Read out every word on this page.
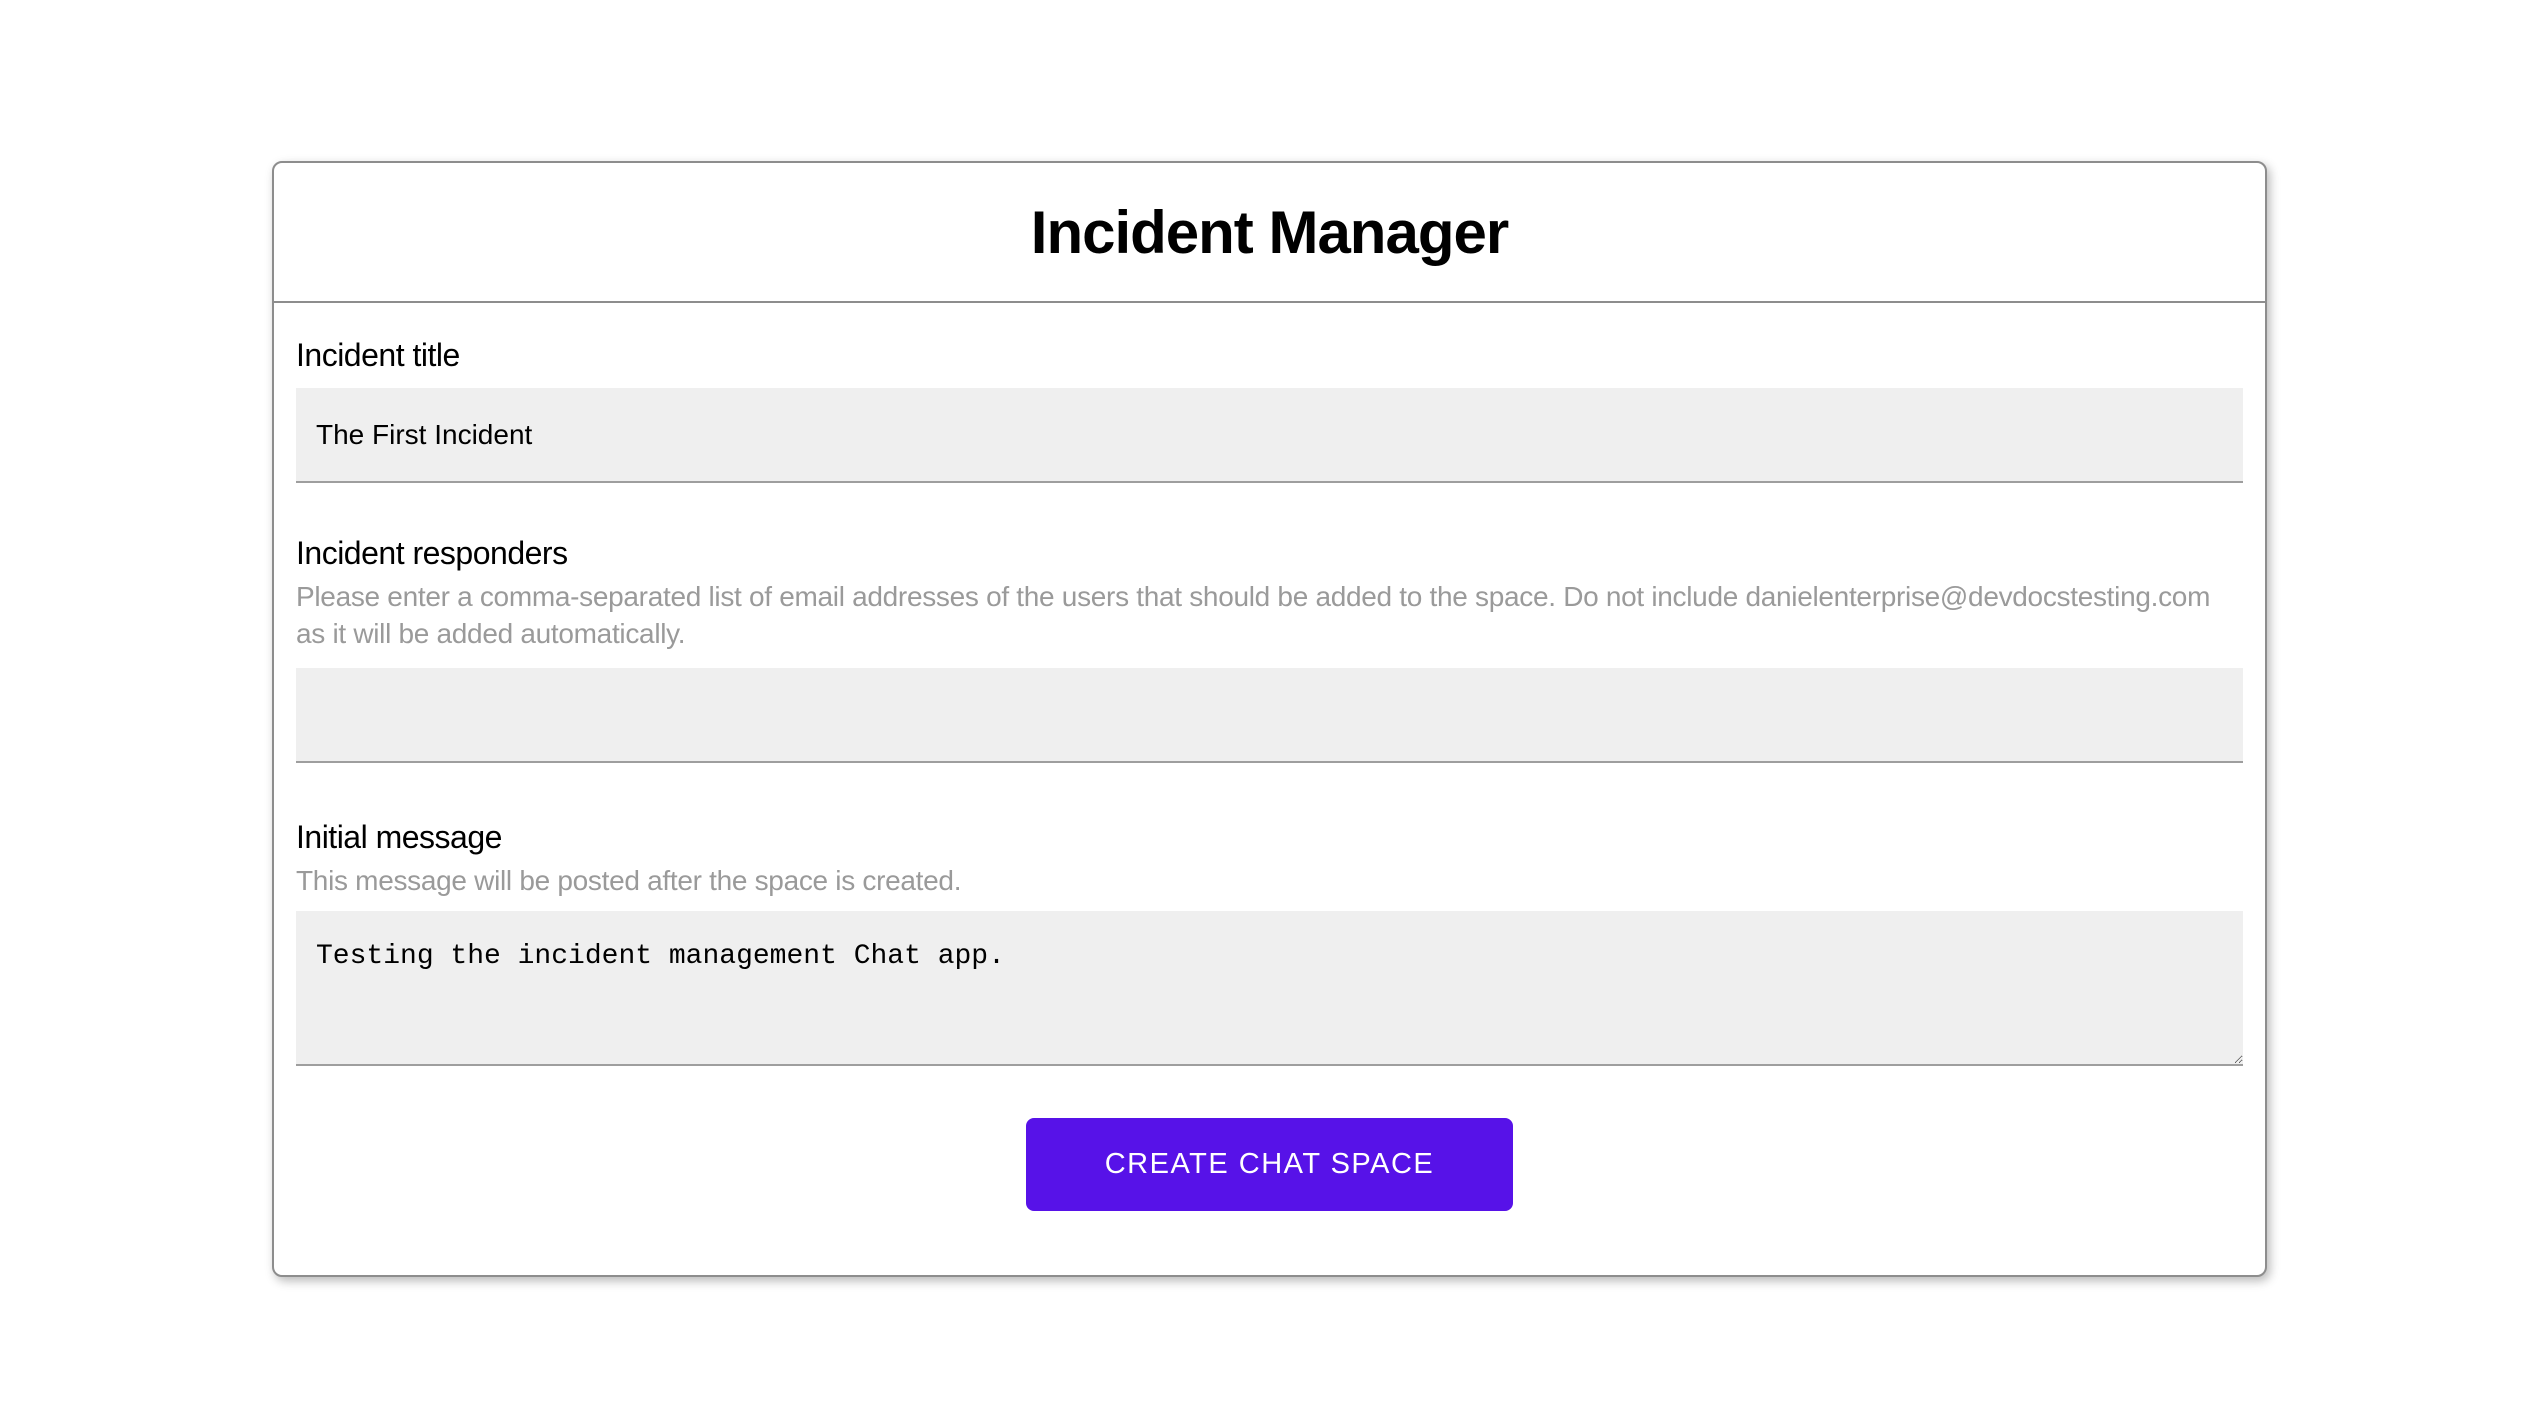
Incident Manager
Incident title
The First Incident
Incident responders
Please enter a comma-separated list of email addresses of the users that should be added to the space. Do not include danielenterprise@devdocstesting.com as it will be added automatically.
Initial message
This message will be posted after the space is created.
Testing the incident management Chat app.
CREATE CHAT SPACE
